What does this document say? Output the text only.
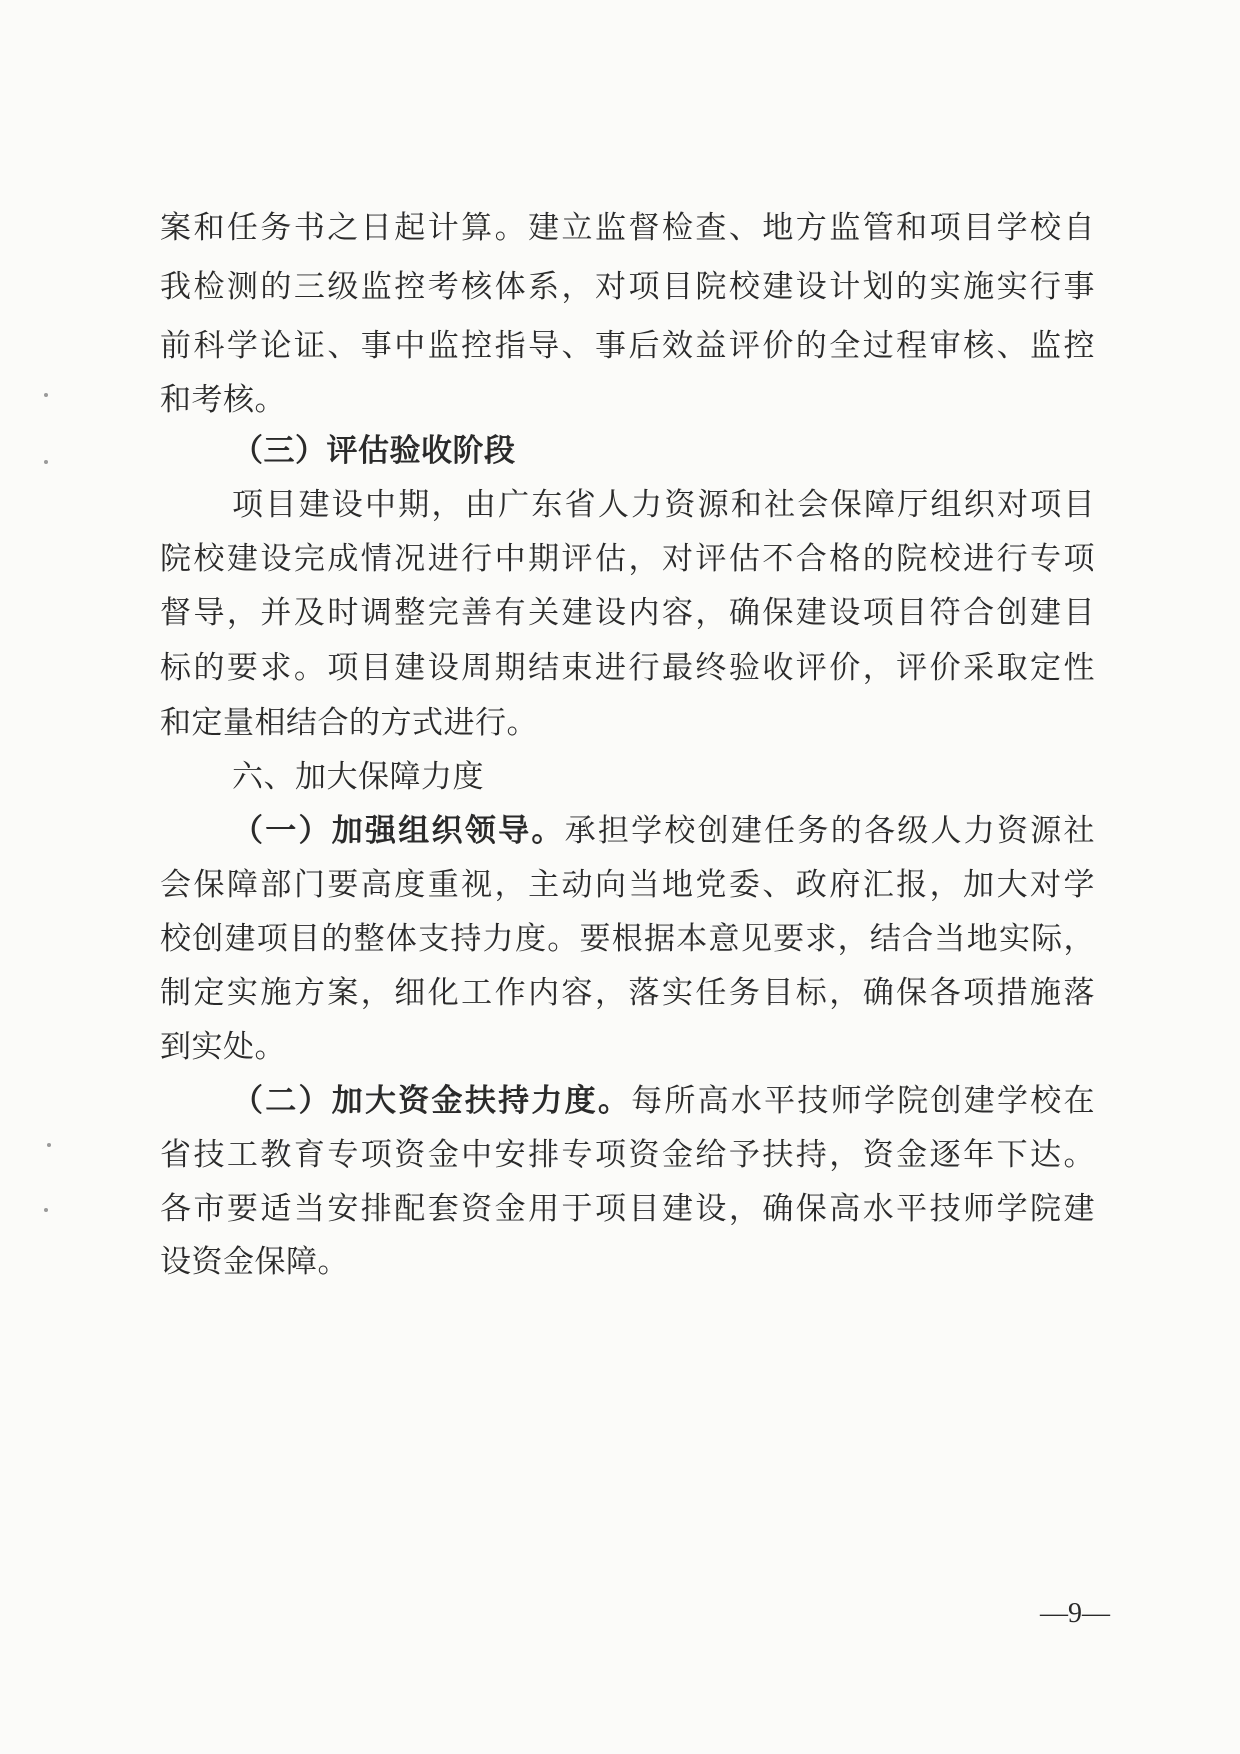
案和任务书之日起计算。建立监督检查、地方监管和项目学校自
我检测的三级监控考核体系，对项目院校建设计划的实施实行事
前科学论证、事中监控指导、事后效益评价的全过程审核、监控
和考核。
（三）评估验收阶段
项目建设中期，由广东省人力资源和社会保障厅组织对项目
院校建设完成情况进行中期评估，对评估不合格的院校进行专项
督导，并及时调整完善有关建设内容，确保建设项目符合创建目
标的要求。项目建设周期结束进行最终验收评价，评价采取定性
和定量相结合的方式进行。
六、加大保障力度
（一）加强组织领导。承担学校创建任务的各级人力资源社
会保障部门要高度重视，主动向当地党委、政府汇报，加大对学
校创建项目的整体支持力度。要根据本意见要求，结合当地实际，
制定实施方案，细化工作内容，落实任务目标，确保各项措施落
到实处。
（二）加大资金扶持力度。每所高水平技师学院创建学校在
省技工教育专项资金中安排专项资金给予扶持，资金逐年下达。
各市要适当安排配套资金用于项目建设，确保高水平技师学院建
设资金保障。
—9—
